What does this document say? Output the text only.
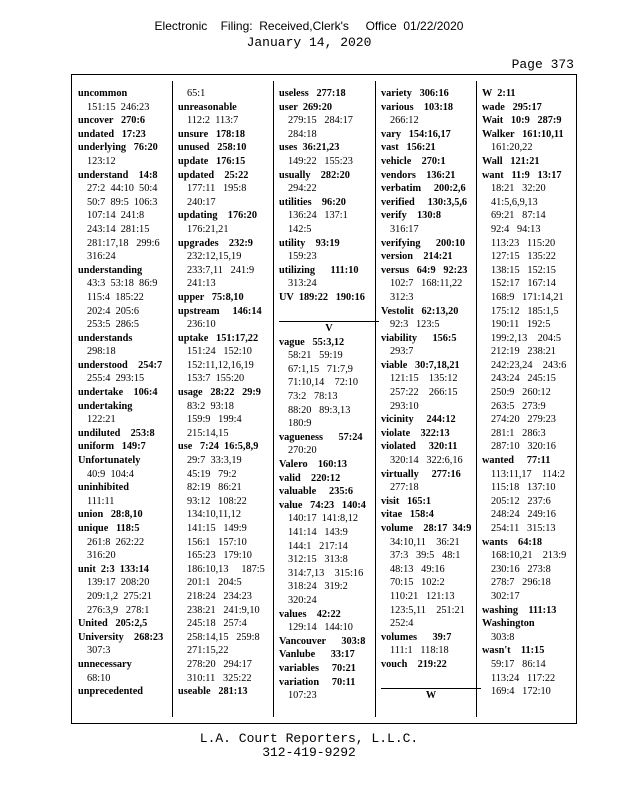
Electronic    Filing:  Received,Clerk's     Office  01/22/2020
January 14, 2020
Page 373
uncommon
151:15  246:23
uncover   270:6
undated   17:23
underlying   76:20
123:12
understand    14:8
27:2  44:10  50:4
50:7  89:5  106:3
107:14  241:8
243:14  281:15
281:17,18   299:6
316:24
understanding
43:3  53:18  86:9
115:4  185:22
202:4  205:6
253:5  286:5
understands
298:18
understood    254:7
255:4  293:15
undertake    106:4
undertaking
122:21
undiluted    253:8
uniform   149:7
Unfortunately
40:9  104:4
uninhibited
111:11
union   28:8,10
unique   118:5
261:8  262:22
316:20
unit  2:3  133:14
139:17  208:20
209:1,2  275:21
276:3,9   278:1
United   205:2,5
University    268:23
307:3
unnecessary
68:10
unprecedented
65:1
unreasonable
112:2  113:7
unsure   178:18
unused   258:10
update   176:15
updated    25:22
177:11   195:8
240:17
updating    176:20
176:21,21
upgrades    232:9
232:12,15,19
233:7,11   241:9
241:13
upper   75:8,10
upstream     146:14
236:10
uptake   151:17,22
151:24   152:10
152:11,12,16,19
153:7  155:20
usage   28:22   29:9
83:2  93:18
159:9   199:4
215:14,15
use   7:24  16:5,8,9
29:7  33:3,19
45:19   79:2
82:19   86:21
93:12   108:22
134:10,11,12
141:15   149:9
156:1   157:10
165:23   179:10
186:10,13     187:5
201:1   204:5
218:24   234:23
238:21   241:9,10
245:18   257:4
258:14,15   259:8
271:15,22
278:20   294:17
310:11   325:22
useable   281:13
useless   277:18
user  269:20
279:15   284:17
284:18
uses  36:21,23
149:22   155:23
usually    282:20
294:22
utilities    96:20
136:24   137:1
142:5
utility    93:19
159:23
utilizing      111:10
313:24
UV  189:22   190:16

V
vague   55:3,12
58:21   59:19
67:1,15   71:7,9
71:10,14    72:10
73:2   78:13
88:20   89:3,13
180:9
vagueness      57:24
270:20
Valero    160:13
valid    220:12
valuable     235:6
value   74:23   140:4
140:17  141:8,12
141:14   143:9
144:1   217:14
312:15   313:8
314:7,13    315:16
318:24   319:2
320:24
values    42:22
129:14   144:10
Vancouver      303:8
Vanlube      33:17
variables     70:21
variation     70:11
107:23
variety   306:16
various    103:18
266:12
vary   154:16,17
vast   156:21
vehicle    270:1
vendors    136:21
verbatim     200:2,6
verified     130:3,5,6
verify    130:8
316:17
verifying      200:10
version    214:21
versus   64:9   92:23
102:7   168:11,22
312:3
Vestolit   62:13,20
92:3   123:5
viability      156:5
293:7
viable   30:7,18,21
121:15    135:12
257:22    266:15
293:10
vicinity     244:12
violate    322:13
violated     320:11
320:14   322:6,16
virtually     277:16
277:18
visit   165:1
vitae   158:4
volume    28:17  34:9
34:10,11    36:21
37:3   39:5   48:1
48:13   49:16
70:15   102:2
110:21   121:13
123:5,11    251:21
252:4
volumes      39:7
111:1   118:18
vouch    219:22

W
W  2:11
wade   295:17
Wait   10:9   287:9
Walker   161:10,11
161:20,22
Wall   121:21
want   11:9   13:17
18:21   32:20
41:5,6,9,13
69:21   87:14
92:4   94:13
113:23   115:20
127:15   135:22
138:15   152:15
152:17   167:14
168:9   171:14,21
175:12   185:1,5
190:11   192:5
199:2,13    204:5
212:19   238:21
242:23,24    243:6
243:24   245:15
250:9   260:12
263:5   273:9
274:20   279:23
281:1   286:3
287:10   320:16
wanted     77:11
113:11,17    114:2
115:18   137:10
205:12   237:6
248:24   249:16
254:11   315:13
wants    64:18
168:10,21    213:9
230:16   273:8
278:7   296:18
302:17
washing    111:13
Washington
303:8
wasn't    11:15
59:17   86:14
113:24   117:22
169:4   172:10
L.A. Court Reporters, L.L.C.
312-419-9292
